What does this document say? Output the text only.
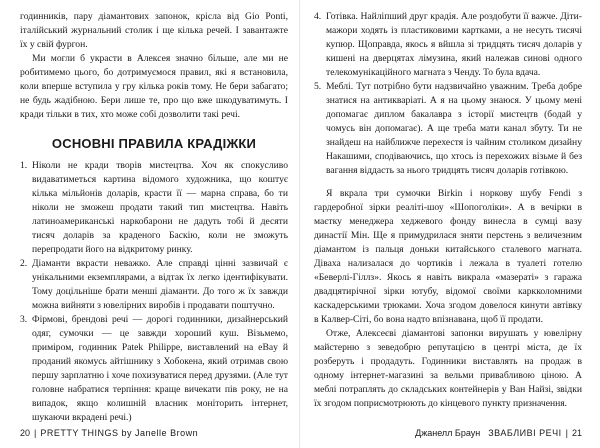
годинників, пару діамантових запонок, крісла від Gio Ponti, італійський журнальний столик і ще кілька речей. І завантажте їх у свій фургон.

Ми могли б украсти в Алексея значно більше, але ми не робитимемо цього, бо дотримуємося правил, які я встановила, коли вперше вступила у гру кілька років тому. Не бери забагато; не будь жадібною. Бери лише те, про що вже шкодуватимуть. І кради тільки в тих, хто може собі дозволити такі речі.

ОСНОВНІ ПРАВИЛА КРАДІЖКИ
1. Ніколи не кради творів мистецтва. Хоч як спокусливо видаватиметься картина відомого художника, що коштує кілька мільйонів доларів, красти її — марна справа, бо ти ніколи не зможеш продати такий тип мистецтва. Навіть латиноамериканські наркобарони не дадуть тобі й десяти тисяч доларів за краденого Баскію, коли не зможуть перепродати його на відкритому ринку.
2. Діаманти вкрасти неважко. Але справді цінні зазвичай є унікальними екземплярами, а відтак їх легко ідентифікувати. Тому доцільніше брати менші діаманти. До того ж їх завжди можна вийняти з ювелірних виробів і продавати поштучно.
3. Фірмові, брендові речі — дорогі годинники, дизайнерський одяг, сумочки — це завжди хороший куш. Візьмемо, приміром, годинник Patek Philippe, виставлений на eBay й проданий якомусь айтішнику з Хобокена, який отримав свою першу зарплатню і хоче похизуватися перед друзями. (Але тут головне набратися терпіння: краще вичекати пів року, не на випадок, якщо колишній власник моніторить інтернет, шукаючи вкрадені речі.)
20 | PRETTY THINGS by Janelle Brown
4. Готівка. Найліпший друг крадія. Але роздобути її важче. Діти-мажори ходять із пластиковими картками, а не несуть тисячі купюр. Щоправда, якось я вйшла зі тридцять тисяч доларів у кишені на дверцятах лімузина, який належав синові одного телекомунікаційного магната з Ченду. То була вдача.
5. Меблі. Тут потрібно бути надзвичайно уважним. Треба добре знатися на антикваріаті. А я на цьому знаюся. У цьому мені допомагає диплом бакалавра з історії мистецтв (бодай у чомусь він допомагає). А ще треба мати канал збуту. Ти не знайдеш на найближче перехестя із чайним столиком дизайну Накашими, сподіваючись, що хтось із перехожих візьме й без вагання віддасть за нього тридцять тисяч доларів готівкою.

Я вкрала три сумочки Birkin і норкову шубу Fendi з гардеробної зірки реаліті-шоу «Шопоголіки». А в вечірки в маєтку менеджера хеджевого фонду винесла в сумці вазу династії Мін. Ще я примудрилася зняти перстень з величезним діамантом із пальця доньки китайського сталевого магната. Діваха нализалася до чортиків і лежала в туалеті готелю «Беверлі-Гіллз». Якось я навіть викрала «мазераті» з гаража двадцятирічної зірки ютубу, відомої своїми каркколомними каскадерськими трюками. Хоча згодом довелося кинути автівку в Калвер-Сіті, бо вона надто впізнавана, щоб її продати.

Отже, Алексеєві діамантові запонки вирушать у ювелірну майстерню з зеведобрю репутацією в центрі міста, де їх розберуть і продадуть. Годинники виставлять на продаж в одному інтернет-магазині за вельми привабливою ціною. А меблі потраплять до складських контейнерів у Ван Найзі, звідки їх згодом поприсмотрюють до кінцевого пункту призначення.

Джанелл Браун ЗВАБЛИВІ РЕЧІ | 21
